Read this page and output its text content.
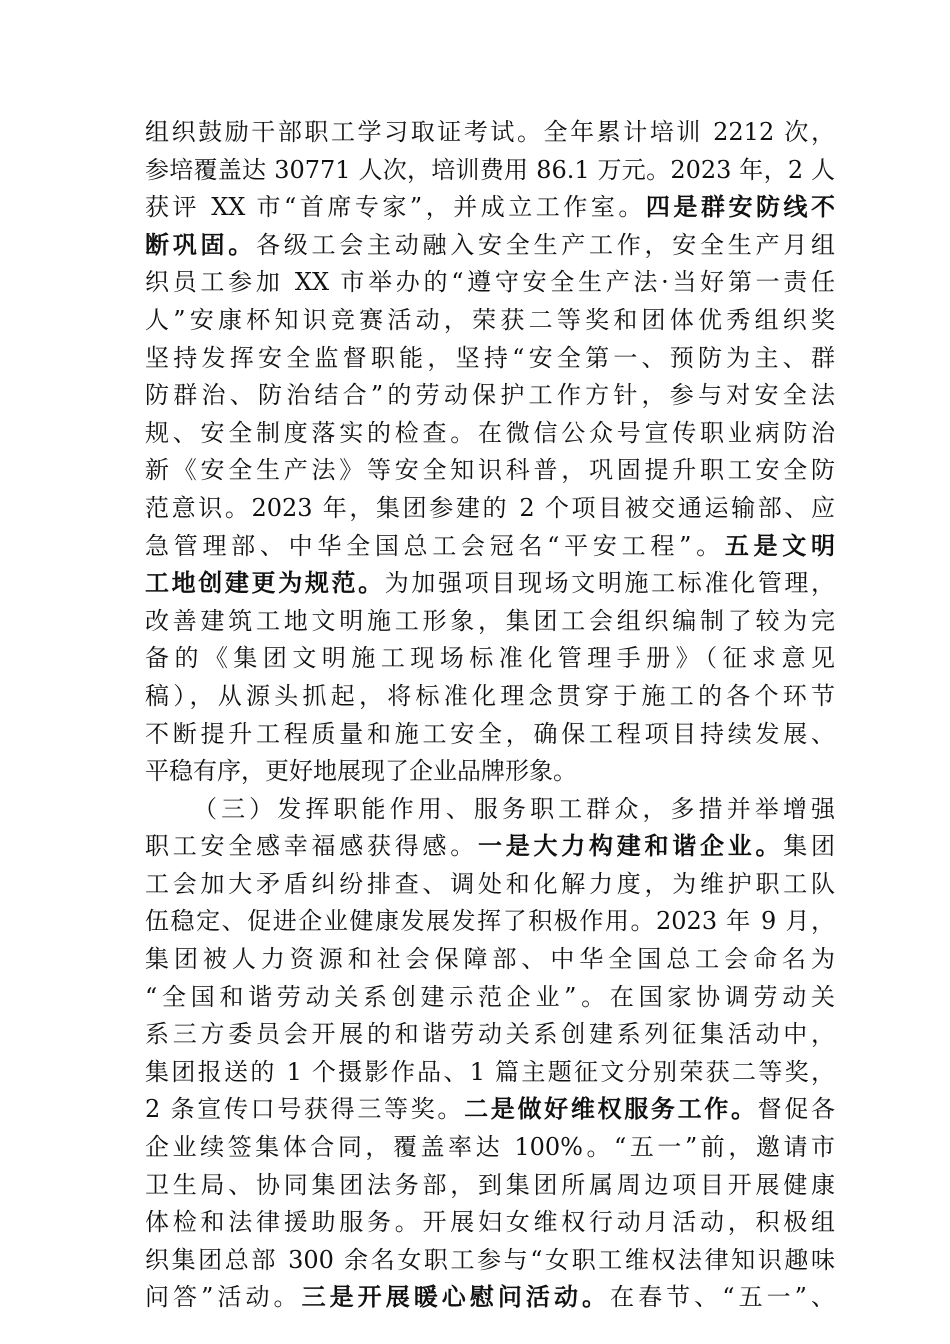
组织鼓励干部职工学习取证考试。全年累计培训 2212 次，
参培覆盖达 30771 人次，培训费用 86.1 万元。2023 年，2 人
获评 XX 市“首席专家”，并成立工作室。四是群安防线不
断巩固。各级工会主动融入安全生产工作，安全生产月组
织员工参加 XX 市举办的“遵守安全生产法·当好第一责任
人”安康杯知识竞赛活动，荣获二等奖和团体优秀组织奖
坚持发挥安全监督职能，坚持“安全第一、预防为主、群
防群治、防治结合”的劳动保护工作方针，参与对安全法
规、安全制度落实的检查。在微信公众号宣传职业病防治
新《安全生产法》等安全知识科普，巩固提升职工安全防
范意识。2023 年，集团参建的 2 个项目被交通运输部、应
急管理部、中华全国总工会冠名“平安工程”。五是文明
工地创建更为规范。为加强项目现场文明施工标准化管理，
改善建筑工地文明施工形象，集团工会组织编制了较为完
备的《集团文明施工现场标准化管理手册》（征求意见
稿），从源头抓起，将标准化理念贯穿于施工的各个环节
不断提升工程质量和施工安全，确保工程项目持续发展、
平稳有序，更好地展现了企业品牌形象。
（三）发挥职能作用、服务职工群众，多措并举增强
职工安全感幸福感获得感。一是大力构建和谐企业。集团
工会加大矛盾纠纷排查、调处和化解力度，为维护职工队
伍稳定、促进企业健康发展发挥了积极作用。2023 年 9 月，
集团被人力资源和社会保障部、中华全国总工会命名为
“全国和谐劳动关系创建示范企业”。在国家协调劳动关
系三方委员会开展的和谐劳动关系创建系列征集活动中，
集团报送的 1 个摄影作品、1 篇主题征文分别荣获二等奖，
2 条宣传口号获得三等奖。二是做好维权服务工作。督促各
企业续签集体合同，覆盖率达 100%。“五一”前，邀请市
卫生局、协同集团法务部，到集团所属周边项目开展健康
体检和法律援助服务。开展妇女维权行动月活动，积极组
织集团总部 300 余名女职工参与“女职工维权法律知识趣味
问答”活动。三是开展暖心慰问活动。在春节、“五一”、
